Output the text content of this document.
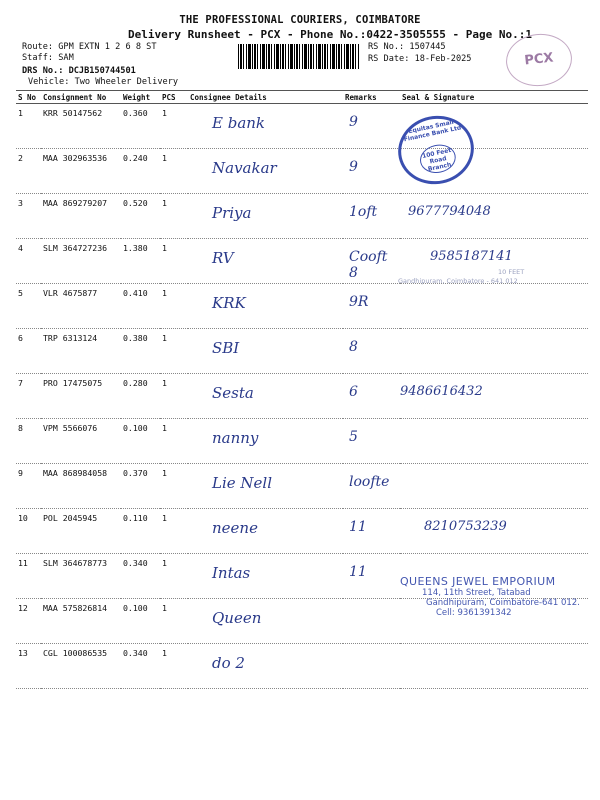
THE PROFESSIONAL COURIERS, COIMBATORE
Delivery Runsheet - PCX - Phone No.:0422-3505555 - Page No.:1
Route: GPM EXTN 1 2 6 8 ST
Staff: SAM
DRS No.: DCJB150744501
Vehicle: Two Wheeler Delivery
RS No.: 1507445
RS Date: 18-Feb-2025	PCX
S No	Consignment No	Weight	PCS	Consignee Details	Remarks	Seal & Signature
1	KRR 50147562	0.360	1	E bank	9	
2	MAA 302963536	0.240	1	Navakar	9	
3	MAA 869279207	0.520	1	Priya	1oft	9677794048
4	SLM 364727236	1.380	1	RV	Cooft 8	9585187141
5	VLR 4675877	0.410	1	KRK	9R	
6	TRP 6313124	0.380	1	SBI	8	
7	PRO 17475075	0.280	1	Sesta	6	9486616432
8	VPM 5566076	0.100	1	nanny	5	
9	MAA 868984058	0.370	1	Lie Nell	loofte	
10	POL 2045945	0.110	1	neene	11	8210753239
11	SLM 364678773	0.340	1	Intas	11	
12	MAA 575826814	0.100	1	Queen		
13	CGL 100086535	0.340	1	do 2		
Equitas Small Finance Bank Ltd
100 Feet Road Branch
10 FEET
Gandhipuram, Coimbatore - 641 012
QUEENS JEWEL EMPORIUM
114, 11th Street, Tatabad
Gandhipuram, Coimbatore-641 012.
Cell: 9361391342
